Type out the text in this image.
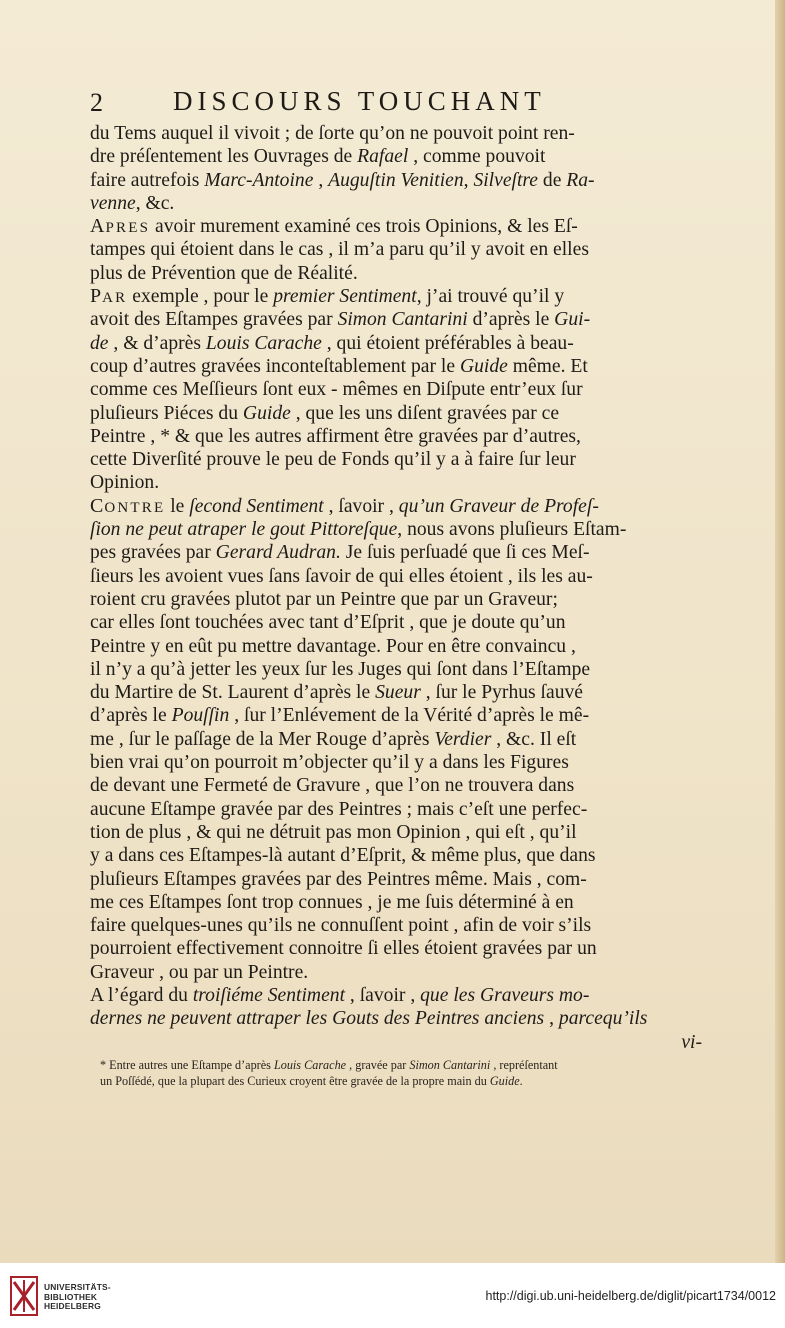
2	DISCOURS TOUCHANT
du Tems auquel il vivoit ; de ſorte qu’on ne pouvoit point ren-
dre préſentement les Ouvrages de Rafael , comme pouvoit
faire autrefois Marc-Antoine , Auguſtin Venitien, Silveſtre de Ra-
venne, &c.
APRES avoir murement examiné ces trois Opinions, & les Eſ-
tampes qui étoient dans le cas , il m’a paru qu’il y avoit en elles
plus de Prévention que de Réalité.
PAR exemple , pour le premier Sentiment, j’ai trouvé qu’il y
avoit des Eſtampes gravées par Simon Cantarini d’après le Gui-
de , & d’après Louis Carache , qui étoient préférables à beau-
coup d’autres gravées inconteſtablement par le Guide même. Et
comme ces Meſſieurs ſont eux - mêmes en Diſpute entr’eux ſur
pluſieurs Piéces du Guide , que les uns diſent gravées par ce
Peintre , * & que les autres affirment être gravées par d’autres,
cette Diverſité prouve le peu de Fonds qu’il y a à faire ſur leur
Opinion.
CONTRE le ſecond Sentiment , ſavoir , qu’un Graveur de Profeſ-
ſion ne peut atraper le gout Pittoreſque, nous avons pluſieurs Eſtam-
pes gravées par Gerard Audran. Je ſuis perſuadé que ſi ces Meſ-
ſieurs les avoient vues ſans ſavoir de qui elles étoient , ils les au-
roient cru gravées plutot par un Peintre que par un Graveur;
car elles ſont touchées avec tant d’Eſprit , que je doute qu’un
Peintre y en eût pu mettre davantage. Pour en être convaincu ,
il n’y a qu’à jetter les yeux ſur les Juges qui ſont dans l’Eſtampe
du Martire de St. Laurent d’après le Sueur , ſur le Pyrhus ſauvé
d’après le Pouſſin , ſur l’Enlévement de la Vérité d’après le mê-
me , ſur le paſſage de la Mer Rouge d’après Verdier , &c. Il eſt
bien vrai qu’on pourroit m’objecter qu’il y a dans les Figures
de devant une Fermeté de Gravure , que l’on ne trouvera dans
aucune Eſtampe gravée par des Peintres ; mais c’eſt une perfec-
tion de plus , & qui ne détruit pas mon Opinion , qui eſt , qu’il
y a dans ces Eſtampes-là autant d’Eſprit, & même plus, que dans
pluſieurs Eſtampes gravées par des Peintres même. Mais , com-
me ces Eſtampes ſont trop connues , je me ſuis déterminé à en
faire quelques-unes qu’ils ne connuſſent point , afin de voir s’ils
pourroient effectivement connoitre ſi elles étoient gravées par un
Graveur , ou par un Peintre.
A l’égard du troiſiéme Sentiment , ſavoir , que les Graveurs mo-
dernes ne peuvent attraper les Gouts des Peintres anciens , parcequ’ils
vi-
* Entre autres une Eſtampe d’après Louis Carache , gravée par Simon Cantarini , repréſentant
un Poſſédé, que la plupart des Curieux croyent être gravée de la propre main du Guide.
UNIVERSITÄTS-
BIBLIOTHEK
HEIDELBERG
http://digi.ub.uni-heidelberg.de/diglit/picart1734/0012
